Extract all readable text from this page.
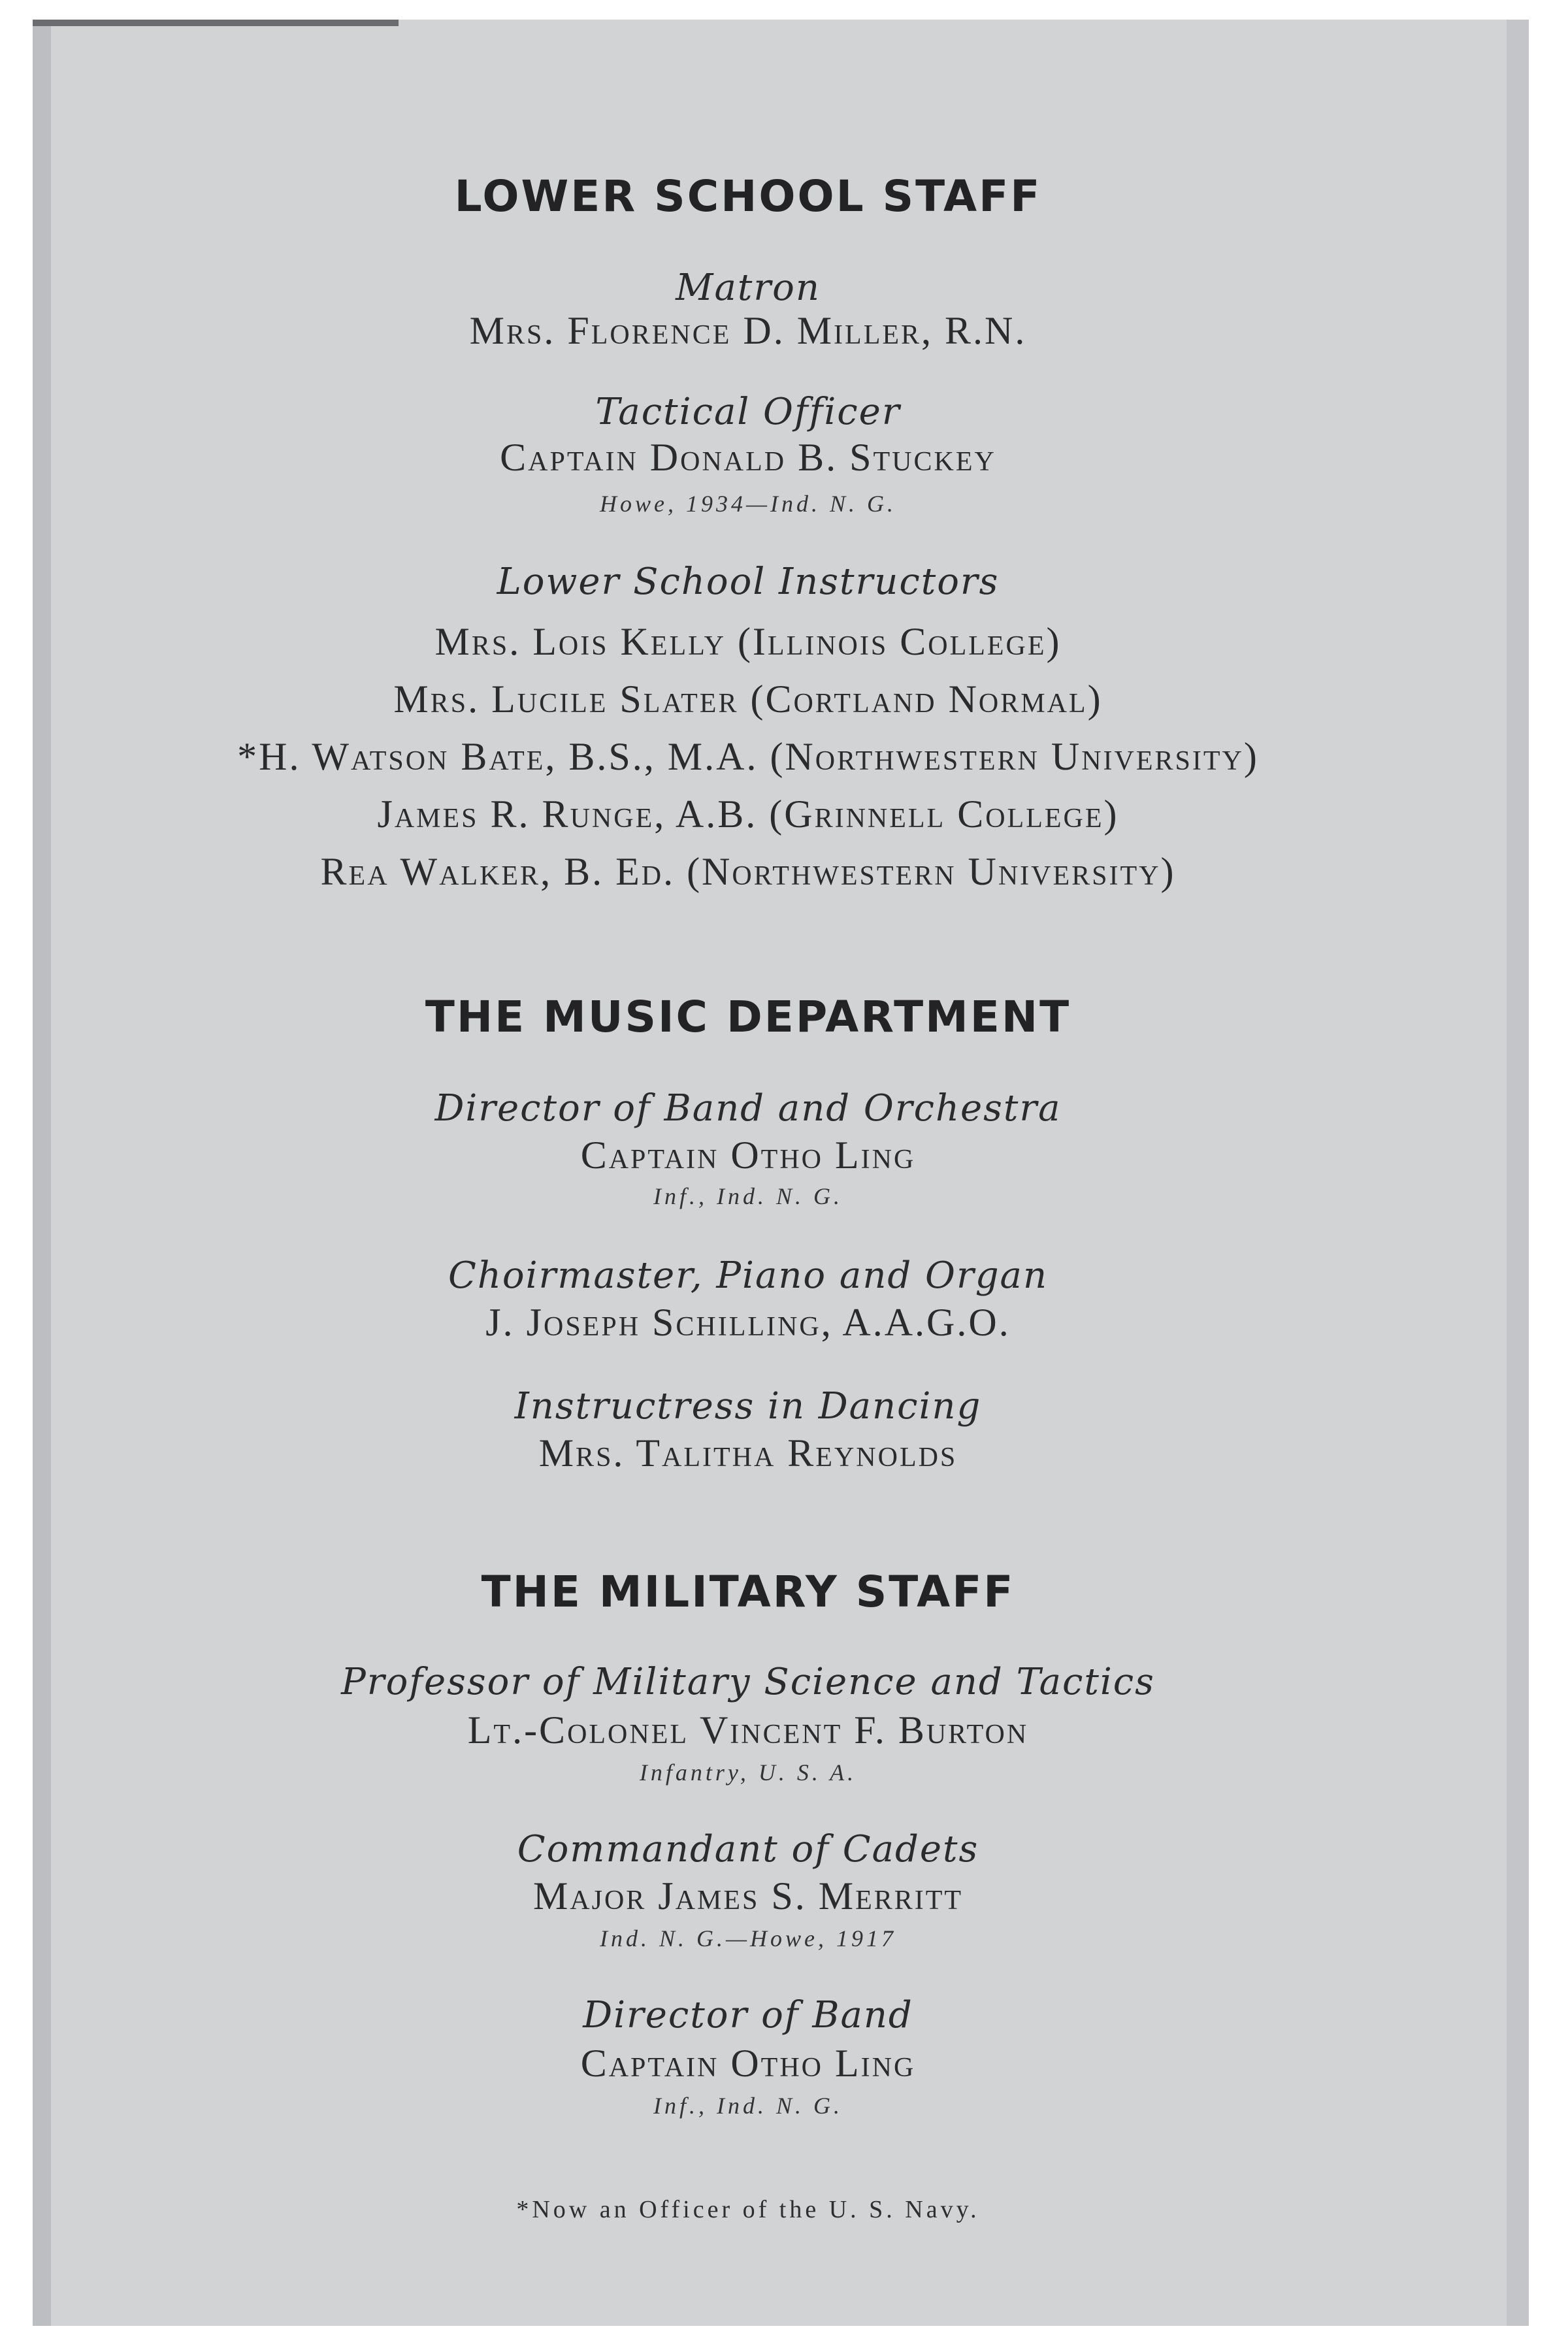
LOWER SCHOOL STAFF
Matron
Mrs. Florence D. Miller, R.N.
Tactical Officer
Captain Donald B. Stuckey
Howe, 1934—Ind. N. G.
Lower School Instructors
Mrs. Lois Kelly (Illinois College)
Mrs. Lucile Slater (Cortland Normal)
*H. Watson Bate, B.S., M.A. (Northwestern University)
James R. Runge, A.B. (Grinnell College)
Rea Walker, B. Ed. (Northwestern University)
THE MUSIC DEPARTMENT
Director of Band and Orchestra
Captain Otho Ling
Inf., Ind. N. G.
Choirmaster, Piano and Organ
J. Joseph Schilling, A.A.G.O.
Instructress in Dancing
Mrs. Talitha Reynolds
THE MILITARY STAFF
Professor of Military Science and Tactics
Lt.-Colonel Vincent F. Burton
Infantry, U. S. A.
Commandant of Cadets
Major James S. Merritt
Ind. N. G.—Howe, 1917
Director of Band
Captain Otho Ling
Inf., Ind. N. G.
*Now an Officer of the U. S. Navy.
